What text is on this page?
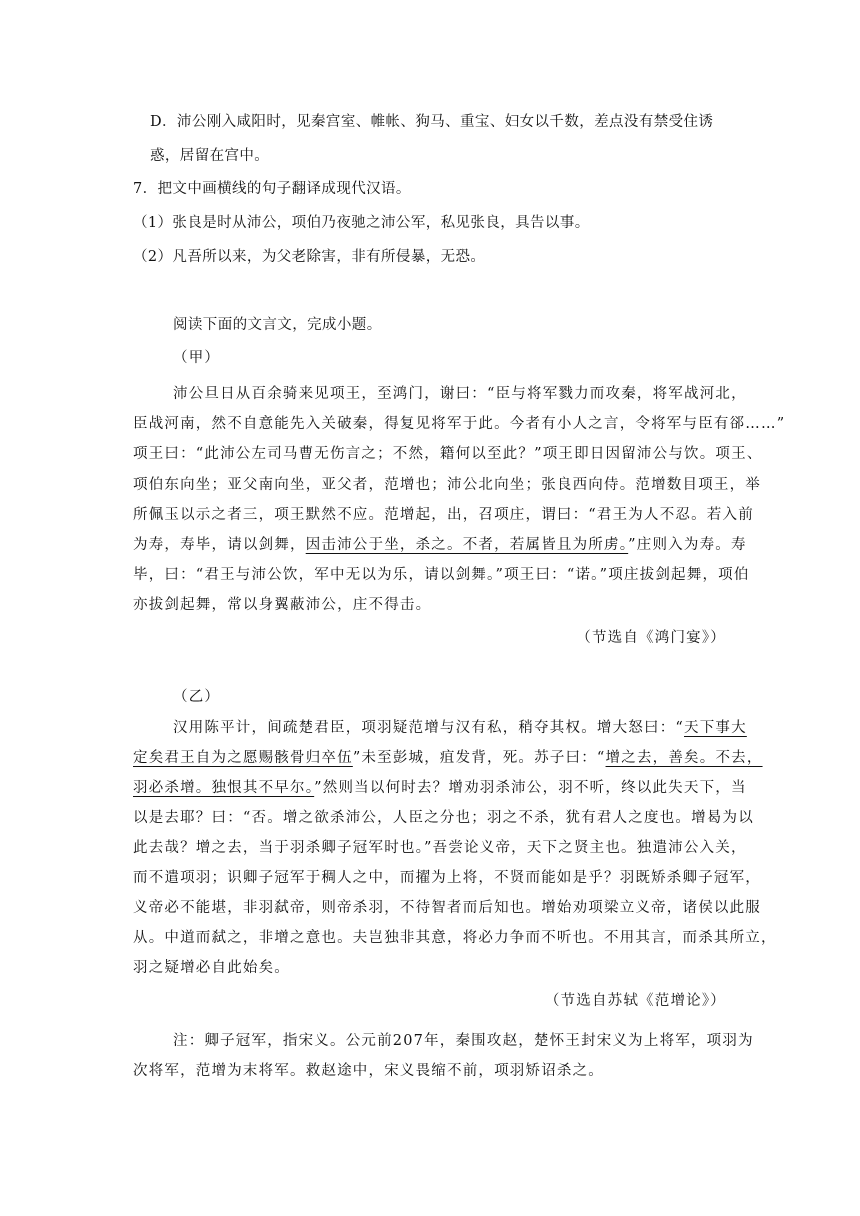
D．沛公刚入咸阳时，见秦宫室、帷帐、狗马、重宝、妇女以千数，差点没有禁受住诱
惑，居留在宫中。
7．把文中画横线的句子翻译成现代汉语。
（1）张良是时从沛公，项伯乃夜驰之沛公军，私见张良，具告以事。
（2）凡吾所以来，为父老除害，非有所侵暴，无恐。
阅读下面的文言文，完成小题。
（甲）
沛公旦日从百余骑来见项王，至鸿门，谢曰：“臣与将军戮力而攻秦，将军战河北，
臣战河南，然不自意能先入关破秦，得复见将军于此。今者有小人之言，令将军与臣有郤……”
项王曰：“此沛公左司马曹无伤言之；不然，籍何以至此？”项王即日因留沛公与饮。项王、
项伯东向坐；亚父南向坐，亚父者，范增也；沛公北向坐；张良西向侍。范增数目项王，举
所佩玉以示之者三，项王默然不应。范增起，出，召项庄，谓曰：“君王为人不忍。若入前
为寿，寿毕，请以剑舞，因击沛公于坐，杀之。不者，若属皆且为所虏。”庄则入为寿。寿
毕，曰：“君王与沛公饮，军中无以为乐，请以剑舞。”项王曰：“诺。”项庄拔剑起舞，项伯
亦拔剑起舞，常以身翼蔽沛公，庄不得击。
（节选自《鸿门宴》）
（乙）
汉用陈平计，间疏楚君臣，项羽疑范增与汉有私，稍夺其权。增大怒曰：“天下事大
定矣君王自为之愿赐骸骨归卒伍”未至彭城，疽发背，死。苏子曰：“增之去，善矣。不去，
羽必杀增。独恨其不早尔。”然则当以何时去？增劝羽杀沛公，羽不听，终以此失天下，当
以是去耶？曰：“否。增之欲杀沛公，人臣之分也；羽之不杀，犹有君人之度也。增曷为以
此去哉？增之去，当于羽杀卿子冠军时也。”吾尝论义帝，天下之贤主也。独遣沛公入关，
而不遣项羽；识卿子冠军于稠人之中，而擢为上将，不贤而能如是乎？羽既矫杀卿子冠军，
义帝必不能堪，非羽弑帝，则帝杀羽，不待智者而后知也。增始劝项梁立义帝，诸侯以此服
从。中道而弑之，非增之意也。夫岂独非其意，将必力争而不听也。不用其言，而杀其所立，
羽之疑增必自此始矣。
（节选自苏轼《范增论》）
注：卿子冠军，指宋义。公元前207年，秦围攻赵，楚怀王封宋义为上将军，项羽为
次将军，范增为末将军。救赵途中，宋义畏缩不前，项羽矫诏杀之。
